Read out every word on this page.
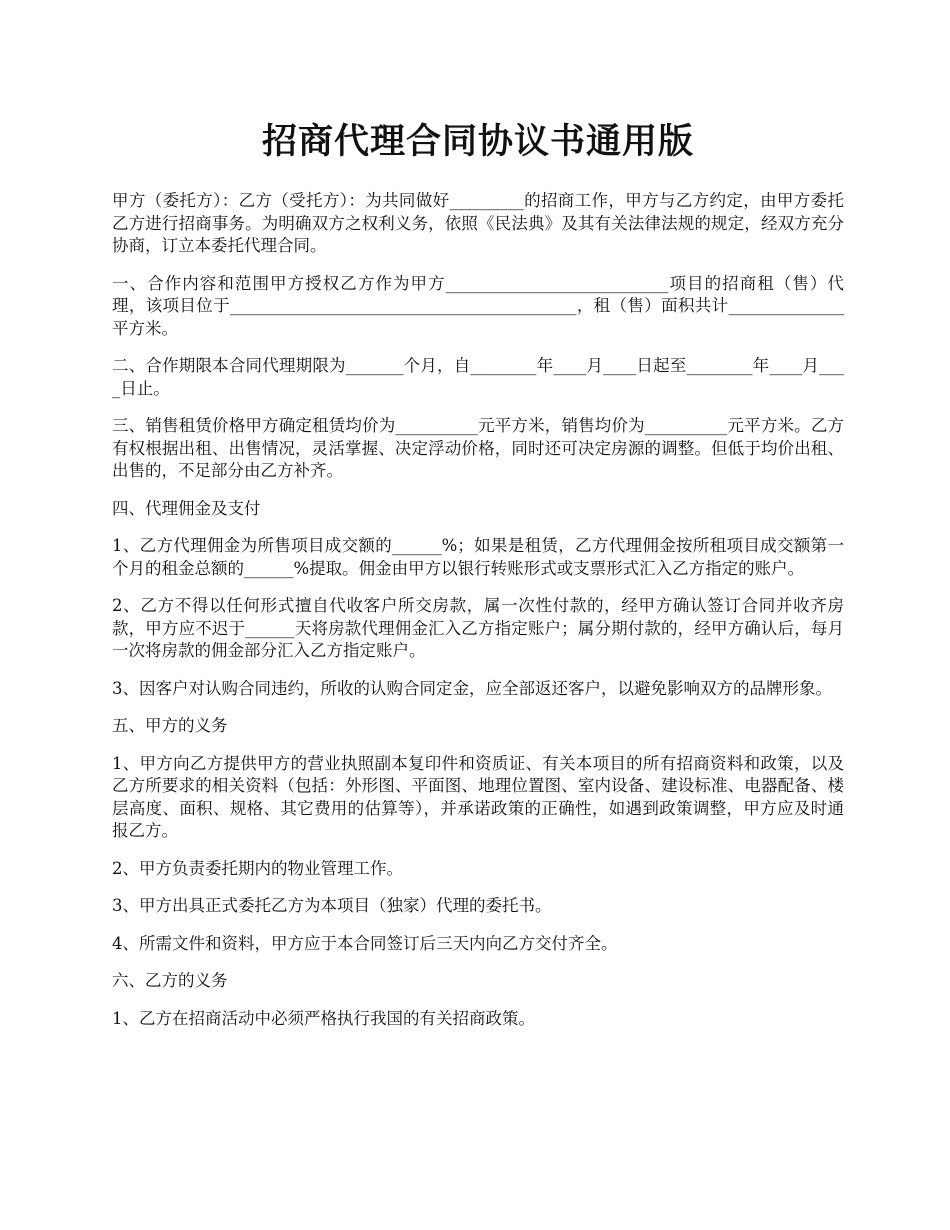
招商代理合同协议书通用版

甲方（委托方）：乙方（受托方）：为共同做好_________的招商工作，甲方与乙方约定，由甲方委托乙方进行招商事务。为明确双方之权利义务，依照《民法典》及其有关法律法规的规定，经双方充分协商，订立本委托代理合同。

一、合作内容和范围甲方授权乙方作为甲方___________________________项目的招商租（售）代理，该项目位于__________________________________________，租（售）面积共计______________平方米。

二、合作期限本合同代理期限为_______个月，自________年____月____日起至________年____月____日止。

三、销售租赁价格甲方确定租赁均价为__________元平方米，销售均价为__________元平方米。乙方有权根据出租、出售情况，灵活掌握、决定浮动价格，同时还可决定房源的调整。但低于均价出租、出售的，不足部分由乙方补齐。

四、代理佣金及支付

1、乙方代理佣金为所售项目成交额的______%；如果是租赁，乙方代理佣金按所租项目成交额第一个月的租金总额的______%提取。佣金由甲方以银行转账形式或支票形式汇入乙方指定的账户。

2、乙方不得以任何形式擅自代收客户所交房款，属一次性付款的，经甲方确认签订合同并收齐房款，甲方应不迟于______天将房款代理佣金汇入乙方指定账户；属分期付款的，经甲方确认后，每月一次将房款的佣金部分汇入乙方指定账户。

3、因客户对认购合同违约，所收的认购合同定金，应全部返还客户，以避免影响双方的品牌形象。

五、甲方的义务

1、甲方向乙方提供甲方的营业执照副本复印件和资质证、有关本项目的所有招商资料和政策，以及乙方所要求的相关资料（包括：外形图、平面图、地理位置图、室内设备、建设标准、电器配备、楼层高度、面积、规格、其它费用的估算等），并承诺政策的正确性，如遇到政策调整，甲方应及时通报乙方。

2、甲方负责委托期内的物业管理工作。

3、甲方出具正式委托乙方为本项目（独家）代理的委托书。

4、所需文件和资料，甲方应于本合同签订后三天内向乙方交付齐全。

六、乙方的义务

1、乙方在招商活动中必须严格执行我国的有关招商政策。
